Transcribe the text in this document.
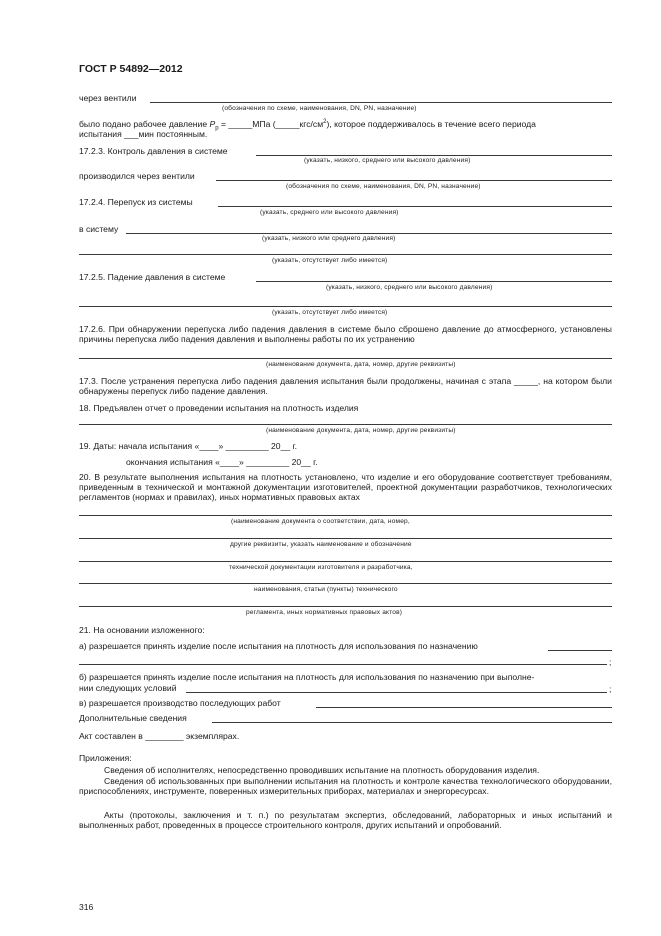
ГОСТ Р 54892—2012
через вентили
(обозначения по схеме, наименования, DN, PN, назначение)
было подано рабочее давление $P_р$ = _____МПа $(\_\_\_\_\_кгс/см^2)$, которое поддерживалось в течение всего периода
испытания ___мин постоянным.
17.2.3. Контроль давления в системе
(указать, низкого, среднего или высокого давления)
производился через вентили
(обозначения по схеме, наименования, DN, PN, назначение)
17.2.4. Перепуск из системы
(указать, среднего или высокого давления)
в систему
(указать, низкого или среднего давления)
(указать, отсутствует либо имеется)
17.2.5. Падение давления в системе
(указать, низкого, среднего или высокого давления)
(указать, отсутствует либо имеется)
17.2.6. При обнаружении перепуска либо падения давления в системе было сброшено давление до атмосферного, установлены причины перепуска либо падения давления и выполнены работы по их устранению
(наименование документа, дата, номер, другие реквизиты)
17.3. После устранения перепуска либо падения давления испытания были продолжены, начиная с этапа _____, на котором были обнаружены перепуск либо падение давления.
18. Предъявлен отчет о проведении испытания на плотность изделия
(наименование документа, дата, номер, другие реквизиты)
19. Даты: начала испытания «____» _________ 20__ г.
окончания испытания «____» _________ 20__ г.
20. В результате выполнения испытания на плотность установлено, что изделие и его оборудование соответствует требованиям, приведенным в технической и монтажной документации изготовителей, проектной документации разработчиков, технологических регламентов (нормах и правилах), иных нормативных правовых актах
(наименование документа о соответствии, дата, номер,
другие реквизиты, указать наименование и обозначение
технической документации изготовителя и разработчика,
наименования, статьи (пункты) технического
регламента, иных нормативных правовых актов)
21. На основании изложенного:
а) разрешается принять изделие после испытания на плотность для использования по назначению
;
б) разрешается принять изделие после испытания на плотность для использования по назначению при выполне-
нии следующих условий	;
в) разрешается производство последующих работ
Дополнительные сведения
Акт составлен в ________ экземплярах.
Приложения:
Сведения об исполнителях, непосредственно проводивших испытание на плотность оборудования изделия.
Сведения об использованных при выполнении испытания на плотность и контроле качества технологического оборудовании, приспособлениях, инструменте, поверенных измерительных приборах, материалах и энергоресурсах.
Акты (протоколы, заключения и т. п.) по результатам экспертиз, обследований, лабораторных и иных испытаний и выполненных работ, проведенных в процессе строительного контроля, других испытаний и опробований.
316
